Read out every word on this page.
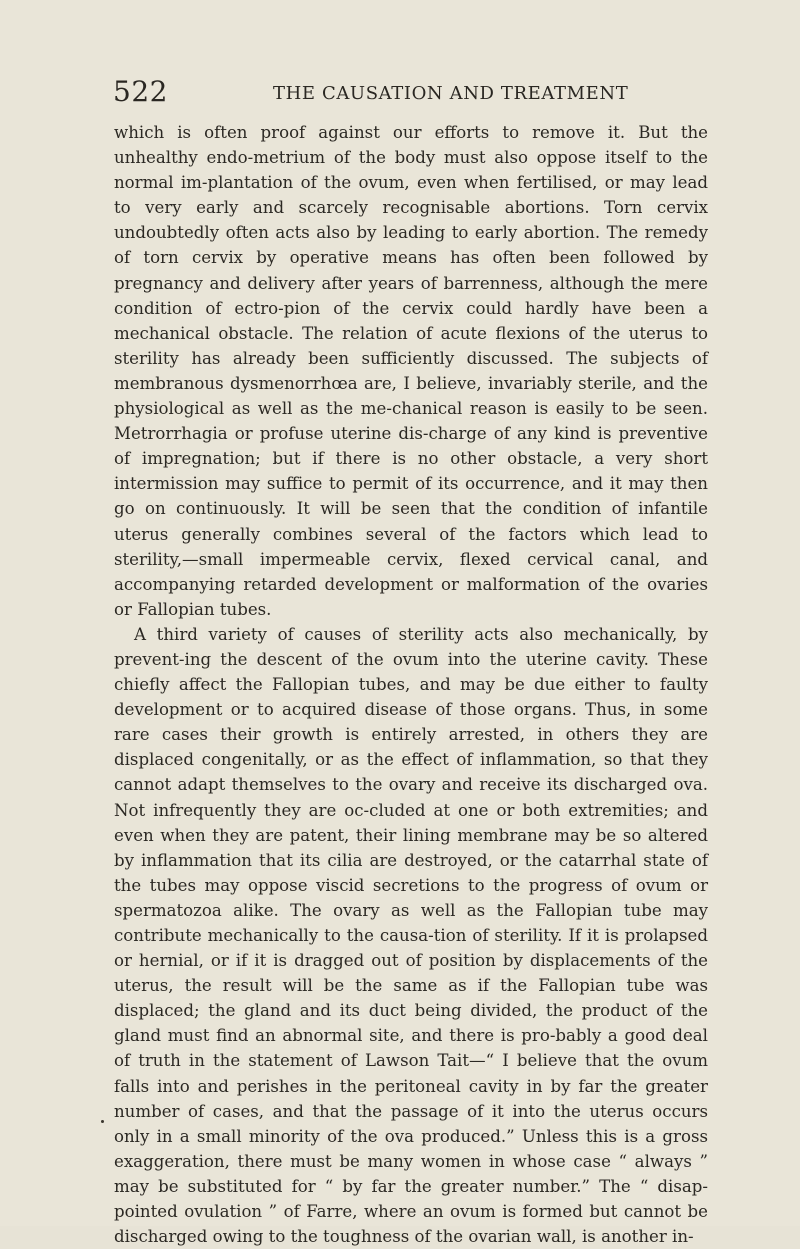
522	THE CAUSATION AND TREATMENT

which is often proof against our efforts to remove it. But the unhealthy endo-metrium of the body must also oppose itself to the normal im-plantation of the ovum, even when fertilised, or may lead to very early and scarcely recognisable abortions. Torn cervix undoubtedly often acts also by leading to early abortion. The remedy of torn cervix by operative means has often been followed by pregnancy and delivery after years of barrenness, although the mere condition of ectro-pion of the cervix could hardly have been a mechanical obstacle. The relation of acute flexions of the uterus to sterility has already been sufficiently discussed. The subjects of membranous dysmenorrhœa are, I believe, invariably sterile, and the physiological as well as the me-chanical reason is easily to be seen. Metrorrhagia or profuse uterine dis-charge of any kind is preventive of impregnation; but if there is no other obstacle, a very short intermission may suffice to permit of its occurrence, and it may then go on continuously. It will be seen that the condition of infantile uterus generally combines several of the factors which lead to sterility,—small impermeable cervix, flexed cervical canal, and accompanying retarded development or malformation of the ovaries or Fallopian tubes.

A third variety of causes of sterility acts also mechanically, by prevent-ing the descent of the ovum into the uterine cavity. These chiefly affect the Fallopian tubes, and may be due either to faulty development or to acquired disease of those organs. Thus, in some rare cases their growth is entirely arrested, in others they are displaced congenitally, or as the effect of inflammation, so that they cannot adapt themselves to the ovary and receive its discharged ova. Not infrequently they are oc-cluded at one or both extremities; and even when they are patent, their lining membrane may be so altered by inflammation that its cilia are destroyed, or the catarrhal state of the tubes may oppose viscid secretions to the progress of ovum or spermatozoa alike. The ovary as well as the Fallopian tube may contribute mechanically to the causa-tion of sterility. If it is prolapsed or hernial, or if it is dragged out of position by displacements of the uterus, the result will be the same as if the Fallopian tube was displaced; the gland and its duct being divided, the product of the gland must find an abnormal site, and there is pro-bably a good deal of truth in the statement of Lawson Tait—“ I believe that the ovum falls into and perishes in the peritoneal cavity in by far the greater number of cases, and that the passage of it into the uterus occurs only in a small minority of the ova produced.” Unless this is a gross exaggeration, there must be many women in whose case “ always ” may be substituted for “ by far the greater number.” The “ disap-pointed ovulation ” of Farre, where an ovum is formed but cannot be discharged owing to the toughness of the ovarian wall, is another in-
